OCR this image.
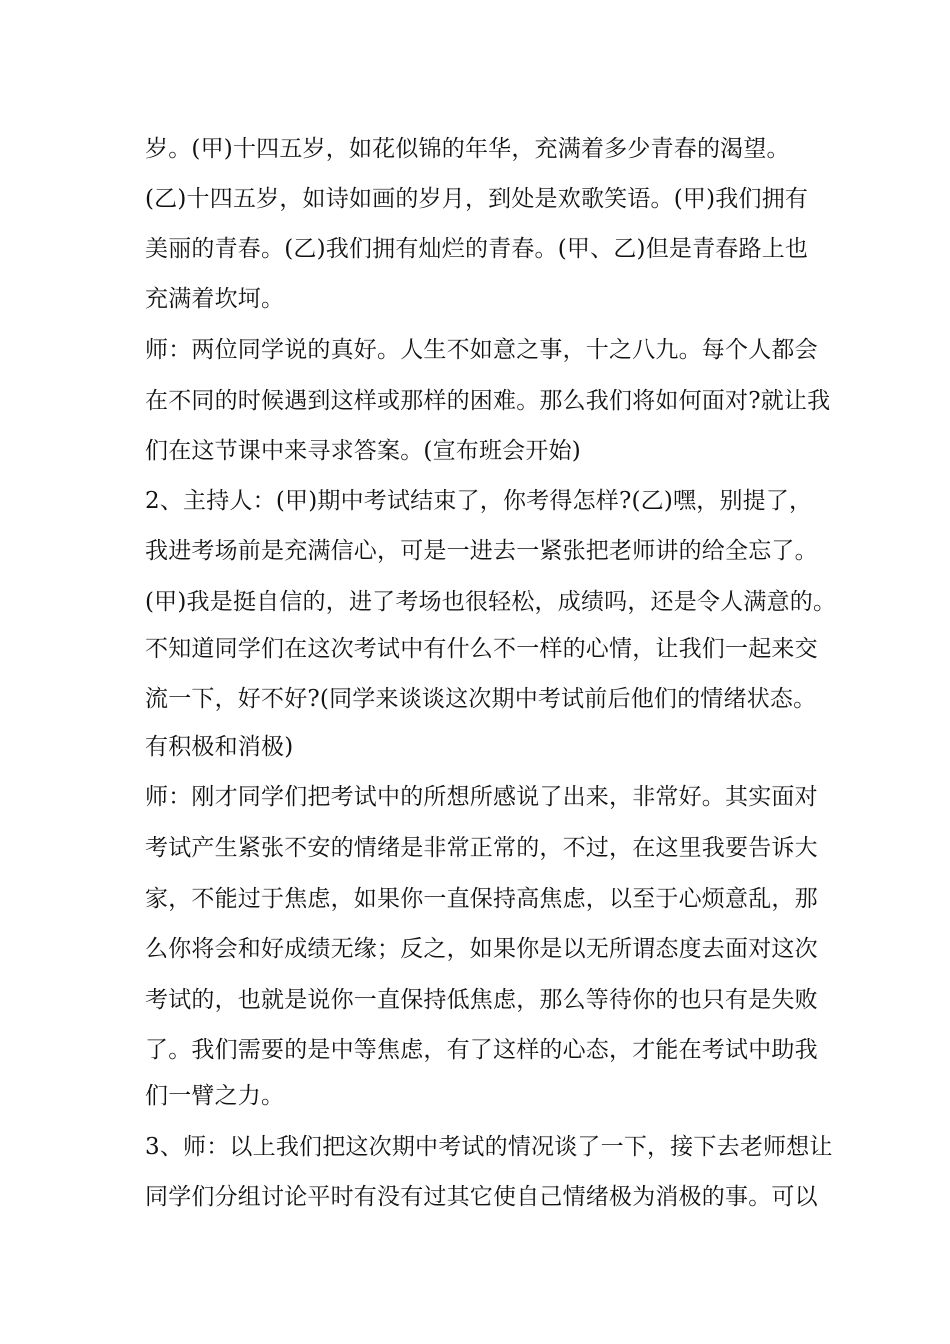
岁。(甲)十四五岁，如花似锦的年华，充满着多少青春的渴望。

(乙)十四五岁，如诗如画的岁月，到处是欢歌笑语。(甲)我们拥有

美丽的青春。(乙)我们拥有灿烂的青春。(甲、乙)但是青春路上也

充满着坎坷。

师：两位同学说的真好。人生不如意之事，十之八九。每个人都会

在不同的时候遇到这样或那样的困难。那么我们将如何面对?就让我

们在这节课中来寻求答案。(宣布班会开始)

2、主持人：(甲)期中考试结束了，你考得怎样?(乙)嘿，别提了，

我进考场前是充满信心，可是一进去一紧张把老师讲的给全忘了。

(甲)我是挺自信的，进了考场也很轻松，成绩吗，还是令人满意的。

不知道同学们在这次考试中有什么不一样的心情，让我们一起来交

流一下，好不好?(同学来谈谈这次期中考试前后他们的情绪状态。

有积极和消极)

师：刚才同学们把考试中的所想所感说了出来，非常好。其实面对

考试产生紧张不安的情绪是非常正常的，不过，在这里我要告诉大

家，不能过于焦虑，如果你一直保持高焦虑，以至于心烦意乱，那

么你将会和好成绩无缘；反之，如果你是以无所谓态度去面对这次

考试的，也就是说你一直保持低焦虑，那么等待你的也只有是失败

了。我们需要的是中等焦虑，有了这样的心态，才能在考试中助我

们一臂之力。

3、师：以上我们把这次期中考试的情况谈了一下，接下去老师想让

同学们分组讨论平时有没有过其它使自己情绪极为消极的事。可以
